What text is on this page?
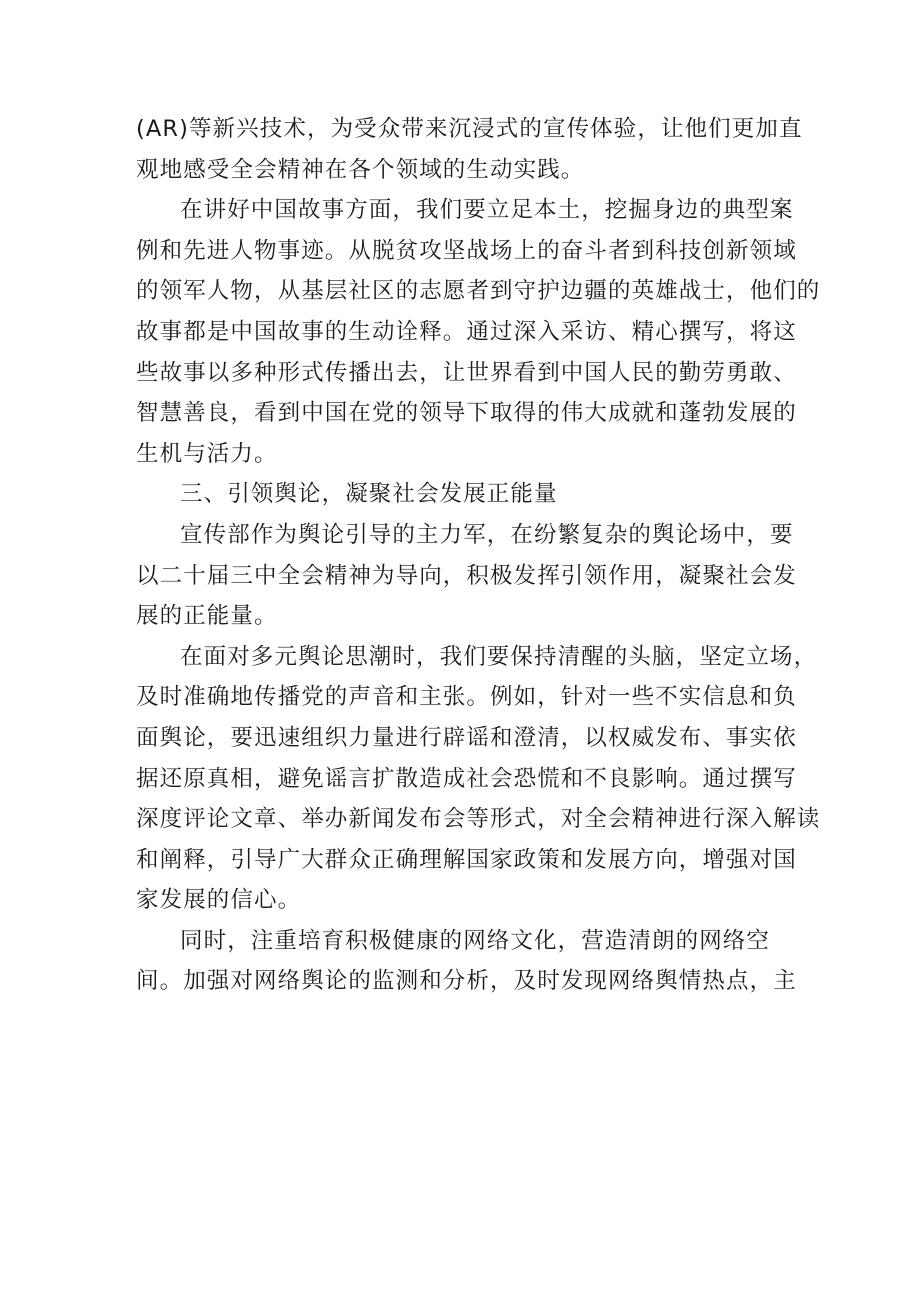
(AR)等新兴技术，为受众带来沉浸式的宣传体验，让他们更加直
观地感受全会精神在各个领域的生动实践。

在讲好中国故事方面，我们要立足本土，挖掘身边的典型案
例和先进人物事迹。从脱贫攻坚战场上的奋斗者到科技创新领域
的领军人物，从基层社区的志愿者到守护边疆的英雄战士，他们的
故事都是中国故事的生动诠释。通过深入采访、精心撰写，将这
些故事以多种形式传播出去，让世界看到中国人民的勤劳勇敢、
智慧善良，看到中国在党的领导下取得的伟大成就和蓬勃发展的
生机与活力。

三、引领舆论，凝聚社会发展正能量

宣传部作为舆论引导的主力军，在纷繁复杂的舆论场中，要
以二十届三中全会精神为导向，积极发挥引领作用，凝聚社会发
展的正能量。

在面对多元舆论思潮时，我们要保持清醒的头脑，坚定立场，
及时准确地传播党的声音和主张。例如，针对一些不实信息和负
面舆论，要迅速组织力量进行辟谣和澄清，以权威发布、事实依
据还原真相，避免谣言扩散造成社会恐慌和不良影响。通过撰写
深度评论文章、举办新闻发布会等形式，对全会精神进行深入解读
和阐释，引导广大群众正确理解国家政策和发展方向，增强对国
家发展的信心。

同时，注重培育积极健康的网络文化，营造清朗的网络空
间。加强对网络舆论的监测和分析，及时发现网络舆情热点，主
